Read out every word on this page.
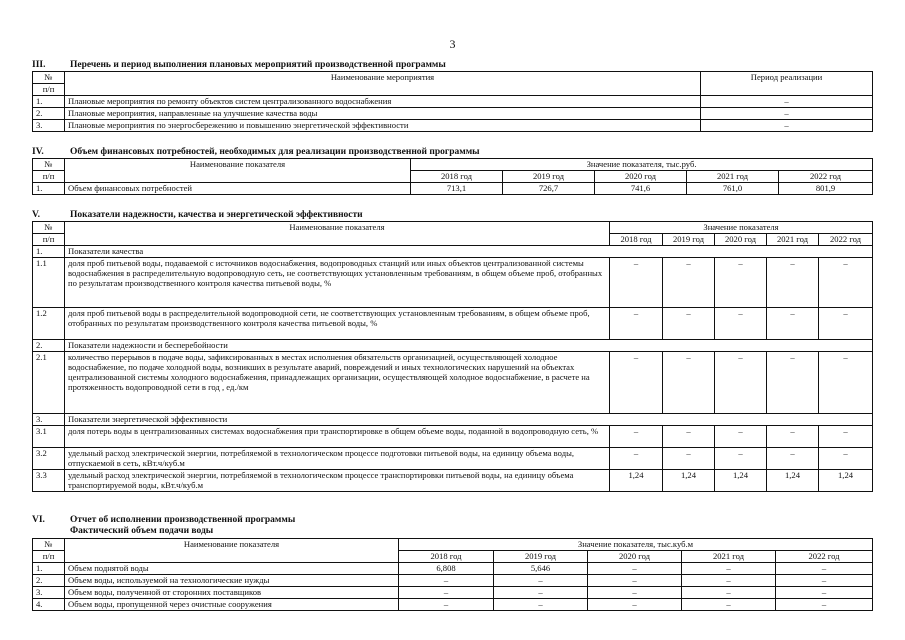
3
III.	Перечень и период выполнения плановых мероприятий производственной программы
№	Наименование мероприятия	Период реализации
п/п		
1.	Плановые мероприятия по ремонту объектов систем централизованного водоснабжения	–
2.	Плановые мероприятия, направленные на улучшение качества воды	–
3.	Плановые мероприятия по энергосбережению и повышению энергетической эффективности	–
IV.	Объем финансовых потребностей, необходимых для реализации производственной программы
№	Наименование показателя	Значение показателя, тыс.руб.				
п/п		2018 год	2019 год	2020 год	2021 год	2022 год
1.	Объем финансовых потребностей	713,1	726,7	741,6	761,0	801,9
V.	Показатели надежности, качества и энергетической эффективности
№	Наименование показателя	Значение показателя				
п/п		2018 год	2019 год	2020 год	2021 год	2022 год
1.	Показатели качества					
1.1	доля проб питьевой воды, подаваемой с источников водоснабжения, водопроводных станций или иных объектов централизованной системы водоснабжения в распределительную водопроводную сеть, не соответствующих установленным требованиям, в общем объеме проб, отобранных по результатам производственного контроля качества питьевой воды, %	–	–	–	–	–
1.2	доля проб питьевой воды в распределительной водопроводной сети, не соответствующих установленным требованиям, в общем объеме проб, отобранных по результатам производственного контроля качества питьевой воды, %	–	–	–	–	–
2.	Показатели надежности и бесперебойности					
2.1	количество перерывов в подаче воды, зафиксированных в местах исполнения обязательств организацией, осуществляющей холодное водоснабжение, по подаче холодной воды, возникших в результате аварий, повреждений и иных технологических нарушений на объектах централизованной системы холодного водоснабжения, принадлежащих организации, осуществляющей холодное водоснабжение, в расчете на протяженность водопроводной сети в год , ед./км	–	–	–	–	–
3.	Показатели энергетической эффективности					
3.1	доля потерь воды в централизованных системах водоснабжения при транспортировке в общем объеме воды, поданной в водопроводную сеть, %	–	–	–	–	–
3.2	удельный расход электрической энергии, потребляемой в технологическом процессе подготовки питьевой воды, на единицу объема воды, отпускаемой в сеть, кВт.ч/куб.м	–	–	–	–	–
3.3	удельный расход электрической энергии, потребляемой в технологическом процессе транспортировки питьевой воды, на единицу объема транспортируемой воды, кВт.ч/куб.м	1,24	1,24	1,24	1,24	1,24
VI.	Отчет об исполнении производственной программы
Фактический объем подачи воды
№	Наименование показателя	Значение показателя, тыс.куб.м				
п/п		2018 год	2019 год	2020 год	2021 год	2022 год
1.	Объем поднятой воды	6,808	5,646	–	–	–
2.	Объем воды, используемой на технологические нужды	–	–	–	–	–
3.	Объем воды, полученной от сторонних поставщиков	–	–	–	–	–
4.	Объем воды, пропущенной через очистные сооружения	–	–	–	–	–
